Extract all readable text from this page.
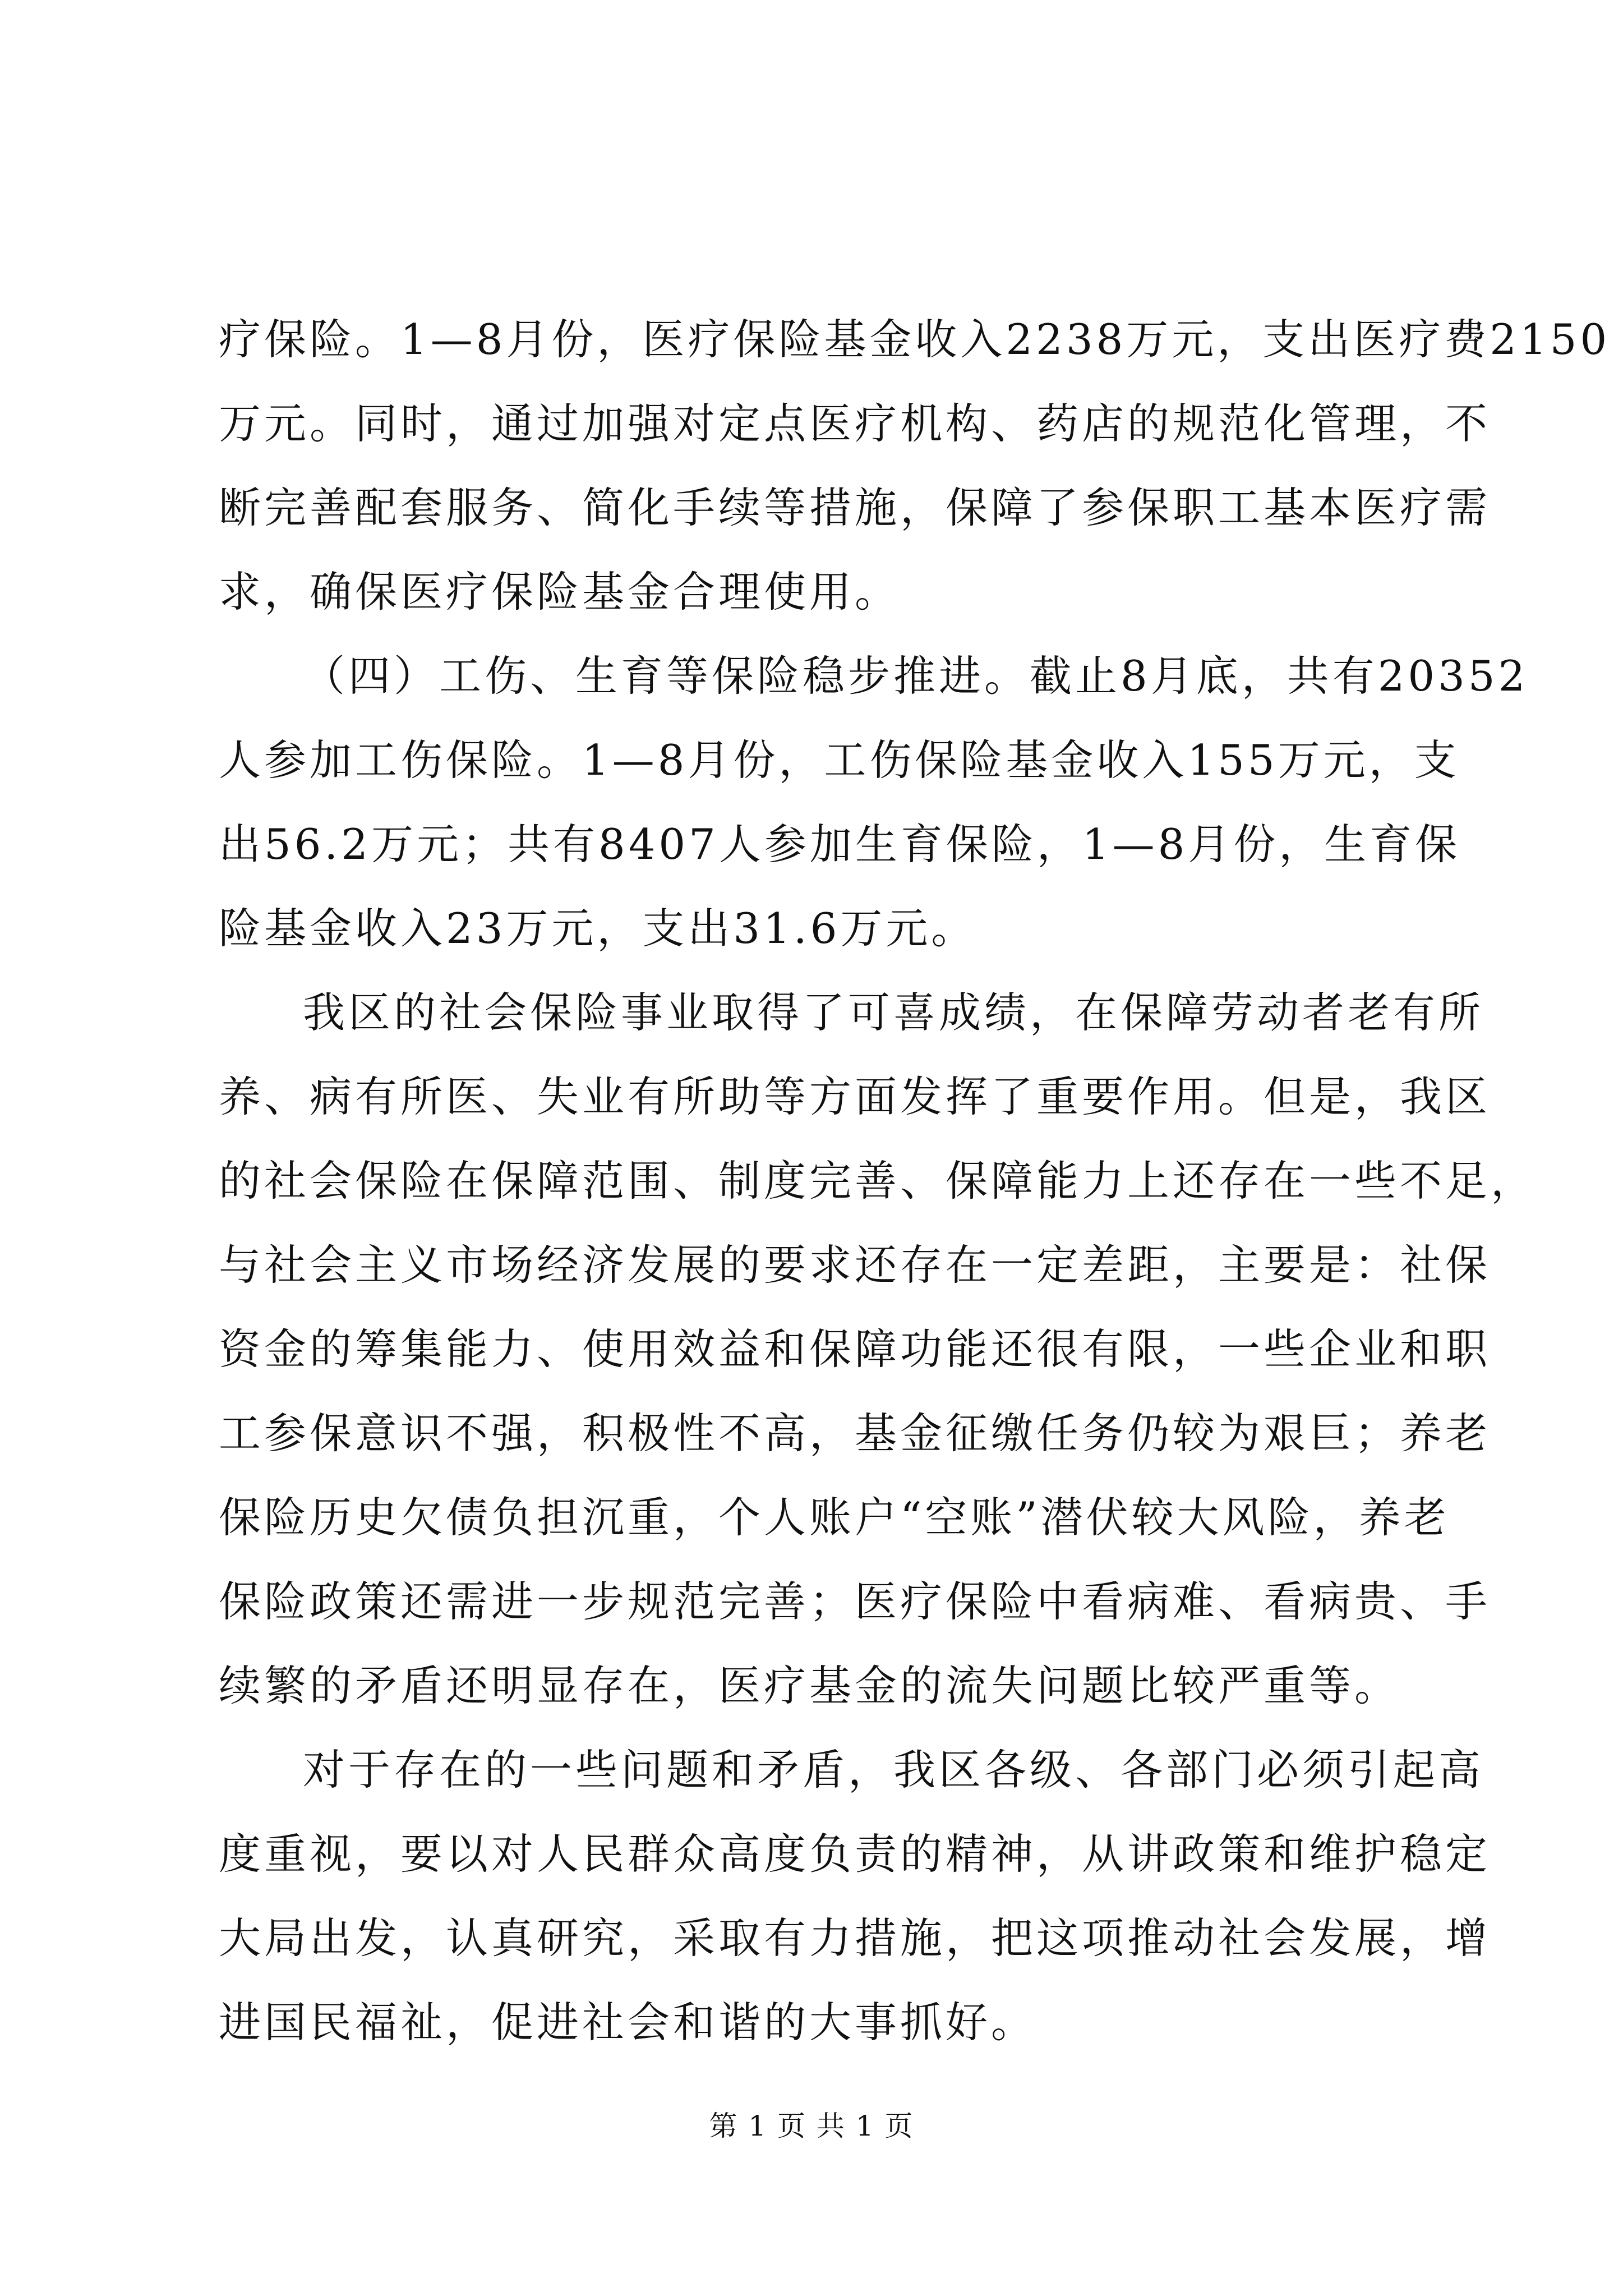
疗保险。1—8月份，医疗保险基金收入2238万元，支出医疗费2150
万元。同时，通过加强对定点医疗机构、药店的规范化管理，不
断完善配套服务、简化手续等措施，保障了参保职工基本医疗需
求，确保医疗保险基金合理使用。
（四）工伤、生育等保险稳步推进。截止8月底，共有20352
人参加工伤保险。1—8月份，工伤保险基金收入155万元，支
出56.2万元；共有8407人参加生育保险，1—8月份，生育保
险基金收入23万元，支出31.6万元。
我区的社会保险事业取得了可喜成绩，在保障劳动者老有所
养、病有所医、失业有所助等方面发挥了重要作用。但是，我区
的社会保险在保障范围、制度完善、保障能力上还存在一些不足，
与社会主义市场经济发展的要求还存在一定差距，主要是：社保
资金的筹集能力、使用效益和保障功能还很有限，一些企业和职
工参保意识不强，积极性不高，基金征缴任务仍较为艰巨；养老
保险历史欠债负担沉重，个人账户“空账”潜伏较大风险，养老
保险政策还需进一步规范完善；医疗保险中看病难、看病贵、手
续繁的矛盾还明显存在，医疗基金的流失问题比较严重等。
对于存在的一些问题和矛盾，我区各级、各部门必须引起高
度重视，要以对人民群众高度负责的精神，从讲政策和维护稳定
大局出发，认真研究，采取有力措施，把这项推动社会发展，增
进国民福祉，促进社会和谐的大事抓好。
第 1 页 共 1 页
